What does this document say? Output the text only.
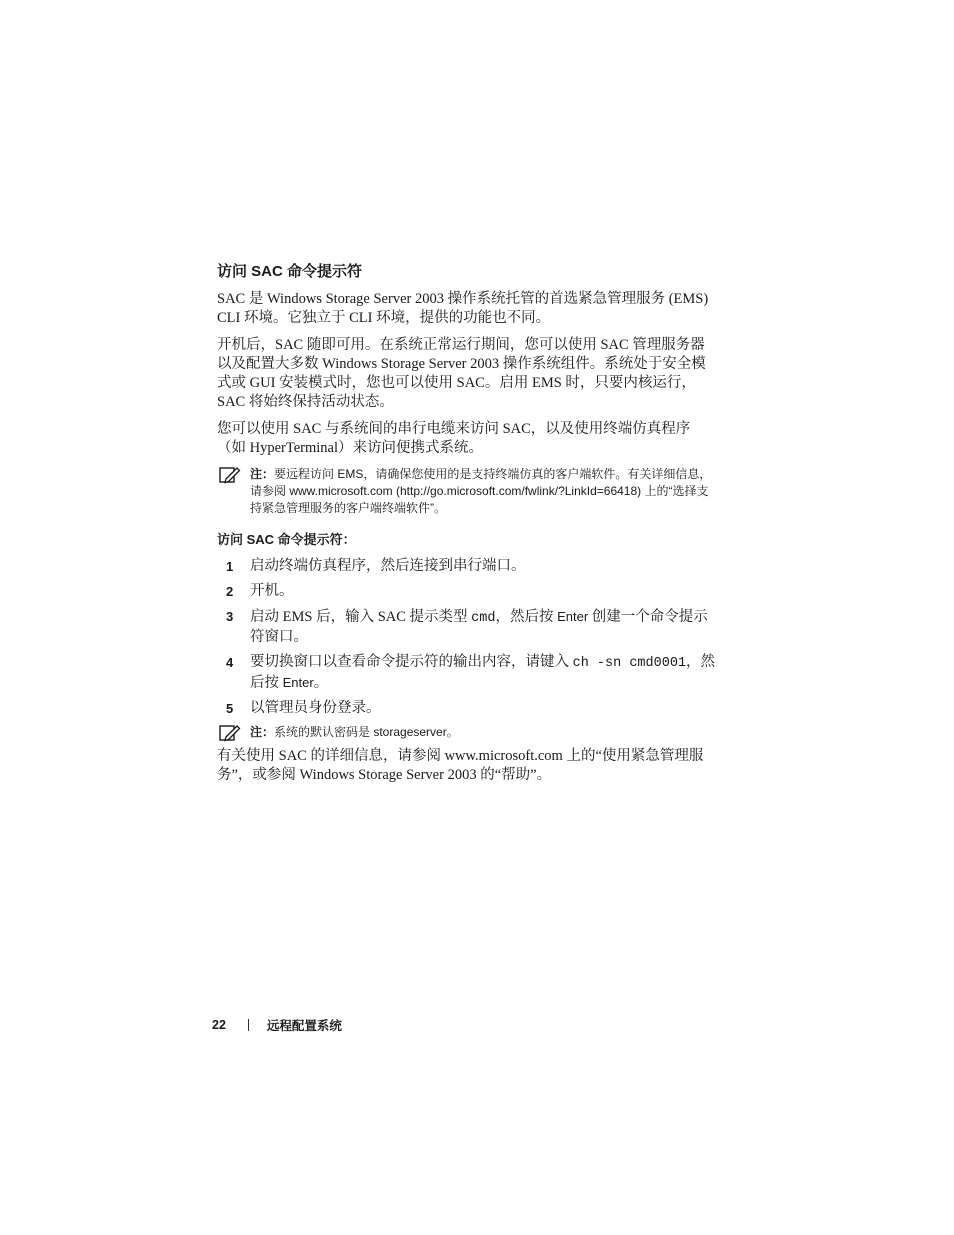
访问 SAC 命令提示符

SAC 是 Windows Storage Server 2003 操作系统托管的首选紧急管理服务 (EMS) CLI 环境。它独立于 CLI 环境，提供的功能也不同。

开机后，SAC 随即可用。在系统正常运行期间，您可以使用 SAC 管理服务器以及配置大多数 Windows Storage Server 2003 操作系统组件。系统处于安全模式或 GUI 安装模式时，您也可以使用 SAC。启用 EMS 时，只要内核运行，SAC 将始终保持活动状态。

您可以使用 SAC 与系统间的串行电缆来访问 SAC，以及使用终端仿真程序（如 HyperTerminal）来访问便携式系统。

注：要远程访问 EMS，请确保您使用的是支持终端仿真的客户端软件。有关详细信息，请参阅 www.microsoft.com (http://go.microsoft.com/fwlink/?LinkId=66418) 上的“选择支持紧急管理服务的客户端终端软件”。
访问 SAC 命令提示符：
1 启动终端仿真程序，然后连接到串行端口。
2 开机。
3 启动 EMS 后，输入 SAC 提示类型 cmd，然后按 Enter 创建一个命令提示符窗口。
4 要切换窗口以查看命令提示符的输出内容，请键入 ch -sn cmd0001，然后按 Enter。
5 以管理员身份登录。
注：系统的默认密码是 storageserver。

有关使用 SAC 的详细信息，请参阅 www.microsoft.com 上的“使用紧急管理服务”，或参阅 Windows Storage Server 2003 的“帮助”。

22	远程配置系统
